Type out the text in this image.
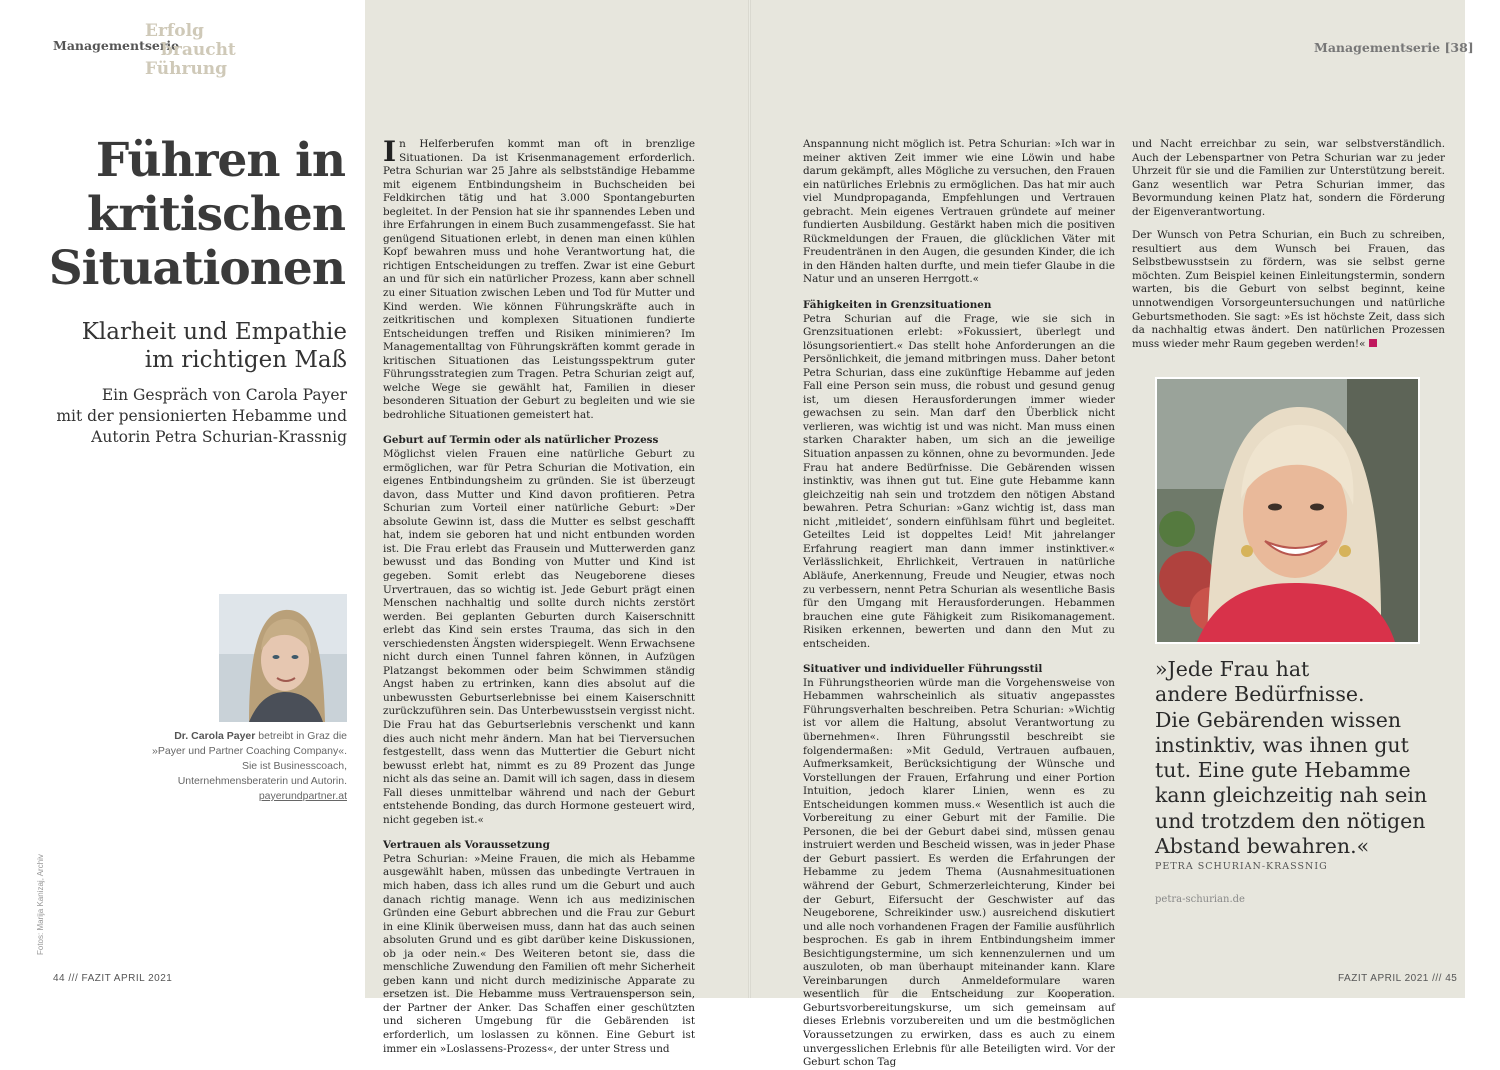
Managementserie
Erfolg
braucht
Führung
Managementserie [38]
Führen in
kritischen
Situationen
Klarheit und Empathie
im richtigen Maß
Ein Gespräch von Carola Payer
mit der pensionierten Hebamme und
Autorin Petra Schurian-Krassnig
Dr. Carola Payer betreibt in Graz die »Payer und Partner Coaching Company«. Sie ist Businesscoach, Unternehmensberaterin und Autorin. payerundpartner.at
Fotos: Marija Kanizaj, Archiv

In Helferberufen kommt man oft in brenzlige Situationen. Da ist Krisenmanagement erforderlich. Petra Schurian war 25 Jahre als selbstständige Hebamme mit eigenem Entbindungsheim in Buchscheiden bei Feldkirchen tätig und hat 3.000 Spontangeburten begleitet. In der Pension hat sie ihr spannendes Leben und ihre Erfahrungen in einem Buch zusammengefasst. Sie hat genügend Situationen erlebt, in denen man einen kühlen Kopf bewahren muss und hohe Verantwortung hat, die richtigen Entscheidungen zu treffen. Zwar ist eine Geburt an und für sich ein natürlicher Prozess, kann aber schnell zu einer Situation zwischen Leben und Tod für Mutter und Kind werden. Wie können Führungskräfte auch in zeitkritischen und komplexen Situationen fundierte Entscheidungen treffen und Risiken minimieren? Im Managementalltag von Führungskräften kommt gerade in kritischen Situationen das Leistungsspektrum guter Führungsstrategien zum Tragen. Petra Schurian zeigt auf, welche Wege sie gewählt hat, Familien in dieser besonderen Situation der Geburt zu begleiten und wie sie bedrohliche Situationen gemeistert hat.

Geburt auf Termin oder als natürlicher Prozess

Möglichst vielen Frauen eine natürliche Geburt zu ermöglichen, war für Petra Schurian die Motivation, ein eigenes Entbindungsheim zu gründen. Sie ist überzeugt davon, dass Mutter und Kind davon profitieren. Petra Schurian zum Vorteil einer natürliche Geburt: »Der absolute Gewinn ist, dass die Mutter es selbst geschafft hat, indem sie geboren hat und nicht entbunden worden ist. Die Frau erlebt das Frausein und Mutterwerden ganz bewusst und das Bonding von Mutter und Kind ist gegeben. Somit erlebt das Neugeborene dieses Urvertrauen, das so wichtig ist. Jede Geburt prägt einen Menschen nachhaltig und sollte durch nichts zerstört werden. Bei geplanten Geburten durch Kaiserschnitt erlebt das Kind sein erstes Trauma, das sich in den verschiedensten Ängsten widerspiegelt. Wenn Erwachsene nicht durch einen Tunnel fahren können, in Aufzügen Platzangst bekommen oder beim Schwimmen ständig Angst haben zu ertrinken, kann dies absolut auf die unbewussten Geburtserlebnisse bei einem Kaiserschnitt zurückzuführen sein. Das Unterbewusstsein vergisst nicht. Die Frau hat das Geburtserlebnis verschenkt und kann dies auch nicht mehr ändern. Man hat bei Tierversuchen festgestellt, dass wenn das Muttertier die Geburt nicht bewusst erlebt hat, nimmt es zu 89 Prozent das Junge nicht als das seine an. Damit will ich sagen, dass in diesem Fall dieses unmittelbar während und nach der Geburt entstehende Bonding, das durch Hormone gesteuert wird, nicht gegeben ist.«

Vertrauen als Voraussetzung

Petra Schurian: »Meine Frauen, die mich als Hebamme ausgewählt haben, müssen das unbedingte Vertrauen in mich haben, dass ich alles rund um die Geburt und auch danach richtig manage. Wenn ich aus medizinischen Gründen eine Geburt abbrechen und die Frau zur Geburt in eine Klinik überweisen muss, dann hat das auch seinen absoluten Grund und es gibt darüber keine Diskussionen, ob ja oder nein.« Des Weiteren betont sie, dass die menschliche Zuwendung den Familien oft mehr Sicherheit geben kann und nicht durch medizinische Apparate zu ersetzen ist. Die Hebamme muss Vertrauensperson sein, der Partner der Anker. Das Schaffen einer geschützten und sicheren Umgebung für die Gebärenden ist erforderlich, um loslassen zu können. Eine Geburt ist immer ein »Loslassens-Prozess«, der unter Stress und

Anspannung nicht möglich ist. Petra Schurian: »Ich war in meiner aktiven Zeit immer wie eine Löwin und habe darum gekämpft, alles Mögliche zu versuchen, den Frauen ein natürliches Erlebnis zu ermöglichen. Das hat mir auch viel Mundpropaganda, Empfehlungen und Vertrauen gebracht. Mein eigenes Vertrauen gründete auf meiner fundierten Ausbildung. Gestärkt haben mich die positiven Rückmeldungen der Frauen, die glücklichen Väter mit Freudentränen in den Augen, die gesunden Kinder, die ich in den Händen halten durfte, und mein tiefer Glaube in die Natur und an unseren Herrgott.«

Fähigkeiten in Grenzsituationen

Petra Schurian auf die Frage, wie sie sich in Grenzsituationen erlebt: »Fokussiert, überlegt und lösungsorientiert.« Das stellt hohe Anforderungen an die Persönlichkeit, die jemand mitbringen muss. Daher betont Petra Schurian, dass eine zukünftige Hebamme auf jeden Fall eine Person sein muss, die robust und gesund genug ist, um diesen Herausforderungen immer wieder gewachsen zu sein. Man darf den Überblick nicht verlieren, was wichtig ist und was nicht. Man muss einen starken Charakter haben, um sich an die jeweilige Situation anpassen zu können, ohne zu bevormunden. Jede Frau hat andere Bedürfnisse. Die Gebärenden wissen instinktiv, was ihnen gut tut. Eine gute Hebamme kann gleichzeitig nah sein und trotzdem den nötigen Abstand bewahren. Petra Schurian: »Ganz wichtig ist, dass man nicht ‚mitleidet‘, sondern einfühlsam führt und begleitet. Geteiltes Leid ist doppeltes Leid! Mit jahrelanger Erfahrung reagiert man dann immer instinktiver.« Verlässlichkeit, Ehrlichkeit, Vertrauen in natürliche Abläufe, Anerkennung, Freude und Neugier, etwas noch zu verbessern, nennt Petra Schurian als wesentliche Basis für den Umgang mit Herausforderungen. Hebammen brauchen eine gute Fähigkeit zum Risikomanagement. Risiken erkennen, bewerten und dann den Mut zu entscheiden.

Situativer und individueller Führungsstil

In Führungstheorien würde man die Vorgehensweise von Hebammen wahrscheinlich als situativ angepasstes Führungsverhalten beschreiben. Petra Schurian: »Wichtig ist vor allem die Haltung, absolut Verantwortung zu übernehmen«. Ihren Führungsstil beschreibt sie folgendermaßen: »Mit Geduld, Vertrauen aufbauen, Aufmerksamkeit, Berücksichtigung der Wünsche und Vorstellungen der Frauen, Erfahrung und einer Portion Intuition, jedoch klarer Linien, wenn es zu Entscheidungen kommen muss.« Wesentlich ist auch die Vorbereitung zu einer Geburt mit der Familie. Die Personen, die bei der Geburt dabei sind, müssen genau instruiert werden und Bescheid wissen, was in jeder Phase der Geburt passiert. Es werden die Erfahrungen der Hebamme zu jedem Thema (Ausnahmesituationen während der Geburt, Schmerzerleichterung, Kinder bei der Geburt, Eifersucht der Geschwister auf das Neugeborene, Schreikinder usw.) ausreichend diskutiert und alle noch vorhandenen Fragen der Familie ausführlich besprochen. Es gab in ihrem Entbindungsheim immer Besichtigungstermine, um sich kennenzulernen und um auszuloten, ob man überhaupt miteinander kann. Klare Vereinbarungen durch Anmeldeformulare waren wesentlich für die Entscheidung zur Kooperation. Geburtsvorbereitungskurse, um sich gemeinsam auf dieses Erlebnis vorzubereiten und um die bestmöglichen Voraussetzungen zu erwirken, dass es auch zu einem unvergesslichen Erlebnis für alle Beteiligten wird. Vor der Geburt schon Tag

und Nacht erreichbar zu sein, war selbstverständlich. Auch der Lebenspartner von Petra Schurian war zu jeder Uhrzeit für sie und die Familien zur Unterstützung bereit. Ganz wesentlich war Petra Schurian immer, das Bevormundung keinen Platz hat, sondern die Förderung der Eigenverantwortung.

Der Wunsch von Petra Schurian, ein Buch zu schreiben, resultiert aus dem Wunsch bei Frauen, das Selbstbewusstsein zu fördern, was sie selbst gerne möchten. Zum Beispiel keinen Einleitungstermin, sondern warten, bis die Geburt von selbst beginnt, keine unnotwendigen Vorsorgeuntersuchungen und natürliche Geburtsmethoden. Sie sagt: »Es ist höchste Zeit, dass sich da nachhaltig etwas ändert. Den natürlichen Prozessen muss wieder mehr Raum gegeben werden!«

»Jede Frau hat
andere Bedürfnisse.
Die Gebärenden wissen
instinktiv, was ihnen gut
tut. Eine gute Hebamme
kann gleichzeitig nah sein
und trotzdem den nötigen
Abstand bewahren.«
PETRA SCHURIAN-KRASSNIG
petra-schurian.de
44 /// FAZIT APRIL 2021	FAZIT APRIL 2021 /// 45
